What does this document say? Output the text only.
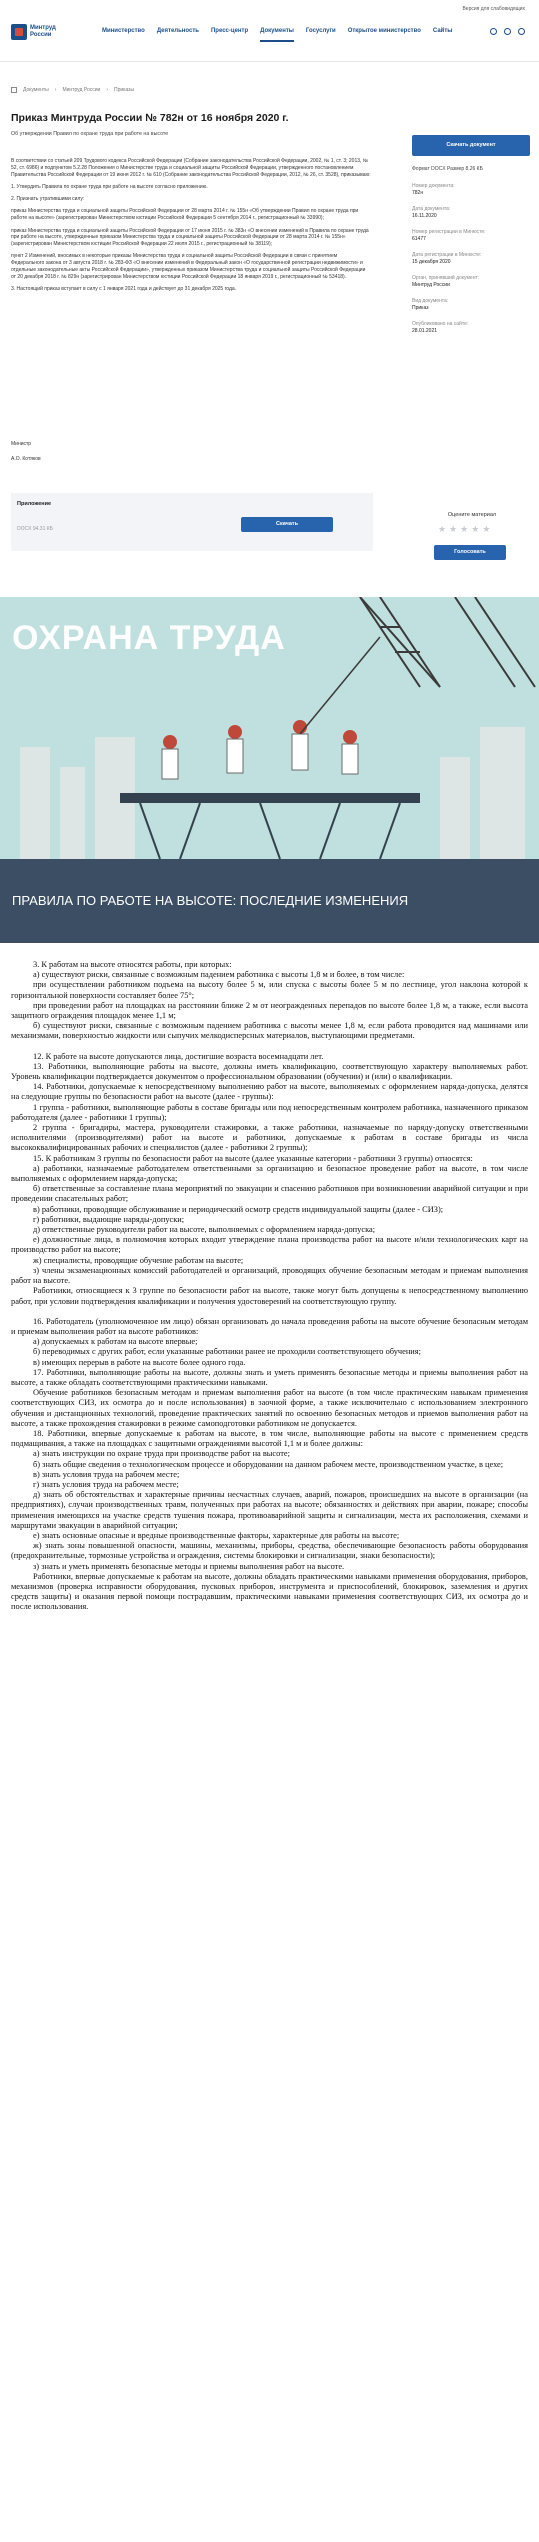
Минтруд
России
Министерство Деятельность Пресс-центр Документы Госуслуги Открытое министерство Сайты
Версия для слабовидящих
Документы › Минтруд России › Приказы
Приказ Минтруда России № 782н от 16 ноября 2020 г.
Об утверждении Правил по охране труда при работе на высоте

В соответствии со статьей 209 Трудового кодекса Российской Федерации (Собрание законодательства Российской Федерации, 2002, № 1, ст. 3; 2013, № 52, ст. 6986) и подпунктом 5.2.28 Положения о Министерстве труда и социальной защиты Российской Федерации, утвержденного постановлением Правительства Российской Федерации от 19 июня 2012 г. № 610 (Собрание законодательства Российской Федерации, 2012, № 26, ст. 3528), приказываю:

1. Утвердить Правила по охране труда при работе на высоте согласно приложению.

2. Признать утратившими силу:

приказ Министерства труда и социальной защиты Российской Федерации от 28 марта 2014 г. № 155н «Об утверждении Правил по охране труда при работе на высоте» (зарегистрирован Министерством юстиции Российской Федерации 5 сентября 2014 г., регистрационный № 33990);

приказ Министерства труда и социальной защиты Российской Федерации от 17 июня 2015 г. № 383н «О внесении изменений в Правила по охране труда при работе на высоте, утвержденные приказом Министерства труда и социальной защиты Российской Федерации от 28 марта 2014 г. № 155н» (зарегистрирован Министерством юстиции Российской Федерации 22 июля 2015 г., регистрационный № 38119);

пункт 2 Изменений, вносимых в некоторые приказы Министерства труда и социальной защиты Российской Федерации в связи с принятием Федерального закона от 3 августа 2018 г. № 283-ФЗ «О внесении изменений в Федеральный закон «О государственной регистрации недвижимости» и отдельные законодательные акты Российской Федерации», утвержденных приказом Министерства труда и социальной защиты Российской Федерации от 20 декабря 2018 г. № 829н (зарегистрирован Министерством юстиции Российской Федерации 18 января 2019 г., регистрационный № 53418).

3. Настоящий приказ вступает в силу с 1 января 2021 года и действует до 31 декабря 2025 года.

Министр
А.О. Котяков
Приложение
DOCX 94.31 КБ
Скачать
Скачать документ
Формат DOCX Размер 8.26 КБ
Номер документа:
782н
Дата документа:
16.11.2020
Номер регистрации в Минюсте:
61477
Дата регистрации в Минюсте:
15 декабря 2020
Орган, принявший документ:
Минтруд России
Вид документа:
Приказ
Опубликовано на сайте:
28.01.2021
Оцените материал
★ ★ ★ ★ ★
Голосовать
ОХРАНА ТРУДА
ПРАВИЛА ПО РАБОТЕ НА ВЫСОТЕ: ПОСЛЕДНИЕ ИЗМЕНЕНИЯ

3. К работам на высоте относятся работы, при которых:

а) существуют риски, связанные с возможным падением работника с высоты 1,8 м и более, в том числе:

при осуществлении работником подъема на высоту более 5 м, или спуска с высоты более 5 м по лестнице, угол наклона которой к горизонтальной поверхности составляет более 75°;

при проведении работ на площадках на расстоянии ближе 2 м от неогражденных перепадов по высоте более 1,8 м, а также, если высота защитного ограждения площадок менее 1,1 м;

б) существуют риски, связанные с возможным падением работника с высоты менее 1,8 м, если работа проводится над машинами или механизмами, поверхностью жидкости или сыпучих мелкодисперсных материалов, выступающими предметами.

12. К работе на высоте допускаются лица, достигшие возраста восемнадцати лет.

13. Работники, выполняющие работы на высоте, должны иметь квалификацию, соответствующую характеру выполняемых работ. Уровень квалификации подтверждается документом о профессиональном образовании (обучении) и (или) о квалификации.

14. Работники, допускаемые к непосредственному выполнению работ на высоте, выполняемых с оформлением наряда-допуска, делятся на следующие группы по безопасности работ на высоте (далее - группы):

1 группа - работники, выполняющие работы в составе бригады или под непосредственным контролем работника, назначенного приказом работодателя (далее - работники 1 группы);

2 группа - бригадиры, мастера, руководители стажировки, а также работники, назначаемые по наряду-допуску ответственными исполнителями (производителями) работ на высоте и работники, допускаемые к работам в составе бригады из числа высококвалифицированных рабочих и специалистов (далее - работники 2 группы);

15. К работникам 3 группы по безопасности работ на высоте (далее указанные категории - работники 3 группы) относятся:

а) работники, назначаемые работодателем ответственными за организацию и безопасное проведение работ на высоте, в том числе выполняемых с оформлением наряда-допуска;

б) ответственные за составление плана мероприятий по эвакуации и спасению работников при возникновении аварийной ситуации и при проведении спасательных работ;

в) работники, проводящие обслуживание и периодический осмотр средств индивидуальной защиты (далее - СИЗ);

г) работники, выдающие наряды-допуски;

д) ответственные руководители работ на высоте, выполняемых с оформлением наряда-допуска;

е) должностные лица, в полномочия которых входит утверждение плана производства работ на высоте и/или технологических карт на производство работ на высоте;

ж) специалисты, проводящие обучение работам на высоте;

з) члены экзаменационных комиссий работодателей и организаций, проводящих обучение безопасным методам и приемам выполнения работ на высоте.

Работники, относящиеся к 3 группе по безопасности работ на высоте, также могут быть допущены к непосредственному выполнению работ, при условии подтверждения квалификации и получения удостоверений на соответствующую группу.

16. Работодатель (уполномоченное им лицо) обязан организовать до начала проведения работы на высоте обучение безопасным методам и приемам выполнения работ на высоте работников:

а) допускаемых к работам на высоте впервые;

б) переводимых с других работ, если указанные работники ранее не проходили соответствующего обучения;

в) имеющих перерыв в работе на высоте более одного года.

17. Работники, выполняющие работы на высоте, должны знать и уметь применять безопасные методы и приемы выполнения работ на высоте, а также обладать соответствующими практическими навыками.

Обучение работников безопасным методам и приемам выполнения работ на высоте (в том числе практическим навыкам применения соответствующих СИЗ, их осмотра до и после использования) в заочной форме, а также исключительно с использованием электронного обучения и дистанционных технологий, проведение практических занятий по освоению безопасных методов и приемов выполнения работ на высоте, а также прохождения стажировки в режиме самоподготовки работником не допускается.

18. Работники, впервые допускаемые к работам на высоте, в том числе, выполняющие работы на высоте с применением средств подмащивания, а также на площадках с защитными ограждениями высотой 1,1 м и более должны:

а) знать инструкции по охране труда при производстве работ на высоте;

б) знать общие сведения о технологическом процессе и оборудовании на данном рабочем месте, производственном участке, в цехе;

в) знать условия труда на рабочем месте;

г) знать условия труда на рабочем месте;

д) знать об обстоятельствах и характерные причины несчастных случаев, аварий, пожаров, происшедших на высоте в организации (на предприятиях), случаи производственных травм, полученных при работах на высоте; обязанностях и действиях при аварии, пожаре; способы применения имеющихся на участке средств тушения пожара, противоаварийной защиты и сигнализации, места их расположения, схемами и маршрутами эвакуации в аварийной ситуации;

е) знать основные опасные и вредные производственные факторы, характерные для работы на высоте;

ж) знать зоны повышенной опасности, машины, механизмы, приборы, средства, обеспечивающие безопасность работы оборудования (предохранительные, тормозные устройства и ограждения, системы блокировки и сигнализации, знаки безопасности);

з) знать и уметь применять безопасные методы и приемы выполнения работ на высоте.

Работники, впервые допускаемые к работам на высоте, должны обладать практическими навыками применения оборудования, приборов, механизмов (проверка исправности оборудования, пусковых приборов, инструмента и приспособлений, блокировок, заземления и других средств защиты) и оказания первой помощи пострадавшим, практическими навыками применения соответствующих СИЗ, их осмотра до и после использования.
